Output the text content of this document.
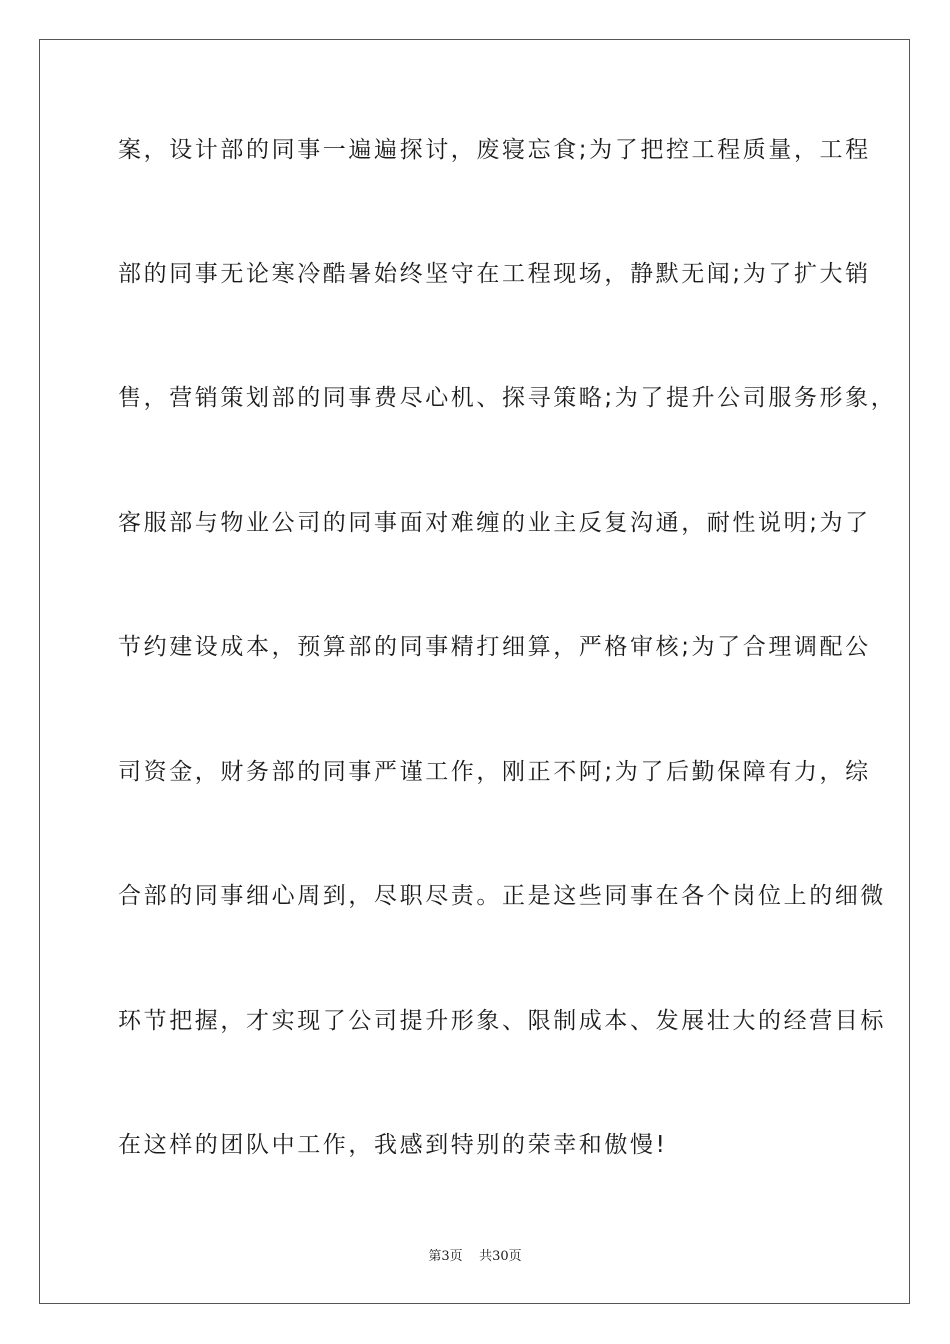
案，设计部的同事一遍遍探讨，废寝忘食;为了把控工程质量，工程
部的同事无论寒冷酷暑始终坚守在工程现场，静默无闻;为了扩大销
售，营销策划部的同事费尽心机、探寻策略;为了提升公司服务形象，
客服部与物业公司的同事面对难缠的业主反复沟通，耐性说明;为了
节约建设成本，预算部的同事精打细算，严格审核;为了合理调配公
司资金，财务部的同事严谨工作，刚正不阿;为了后勤保障有力，综
合部的同事细心周到，尽职尽责。正是这些同事在各个岗位上的细微
环节把握，才实现了公司提升形象、限制成本、发展壮大的经营目标
在这样的团队中工作，我感到特别的荣幸和傲慢!
第3页 共30页
